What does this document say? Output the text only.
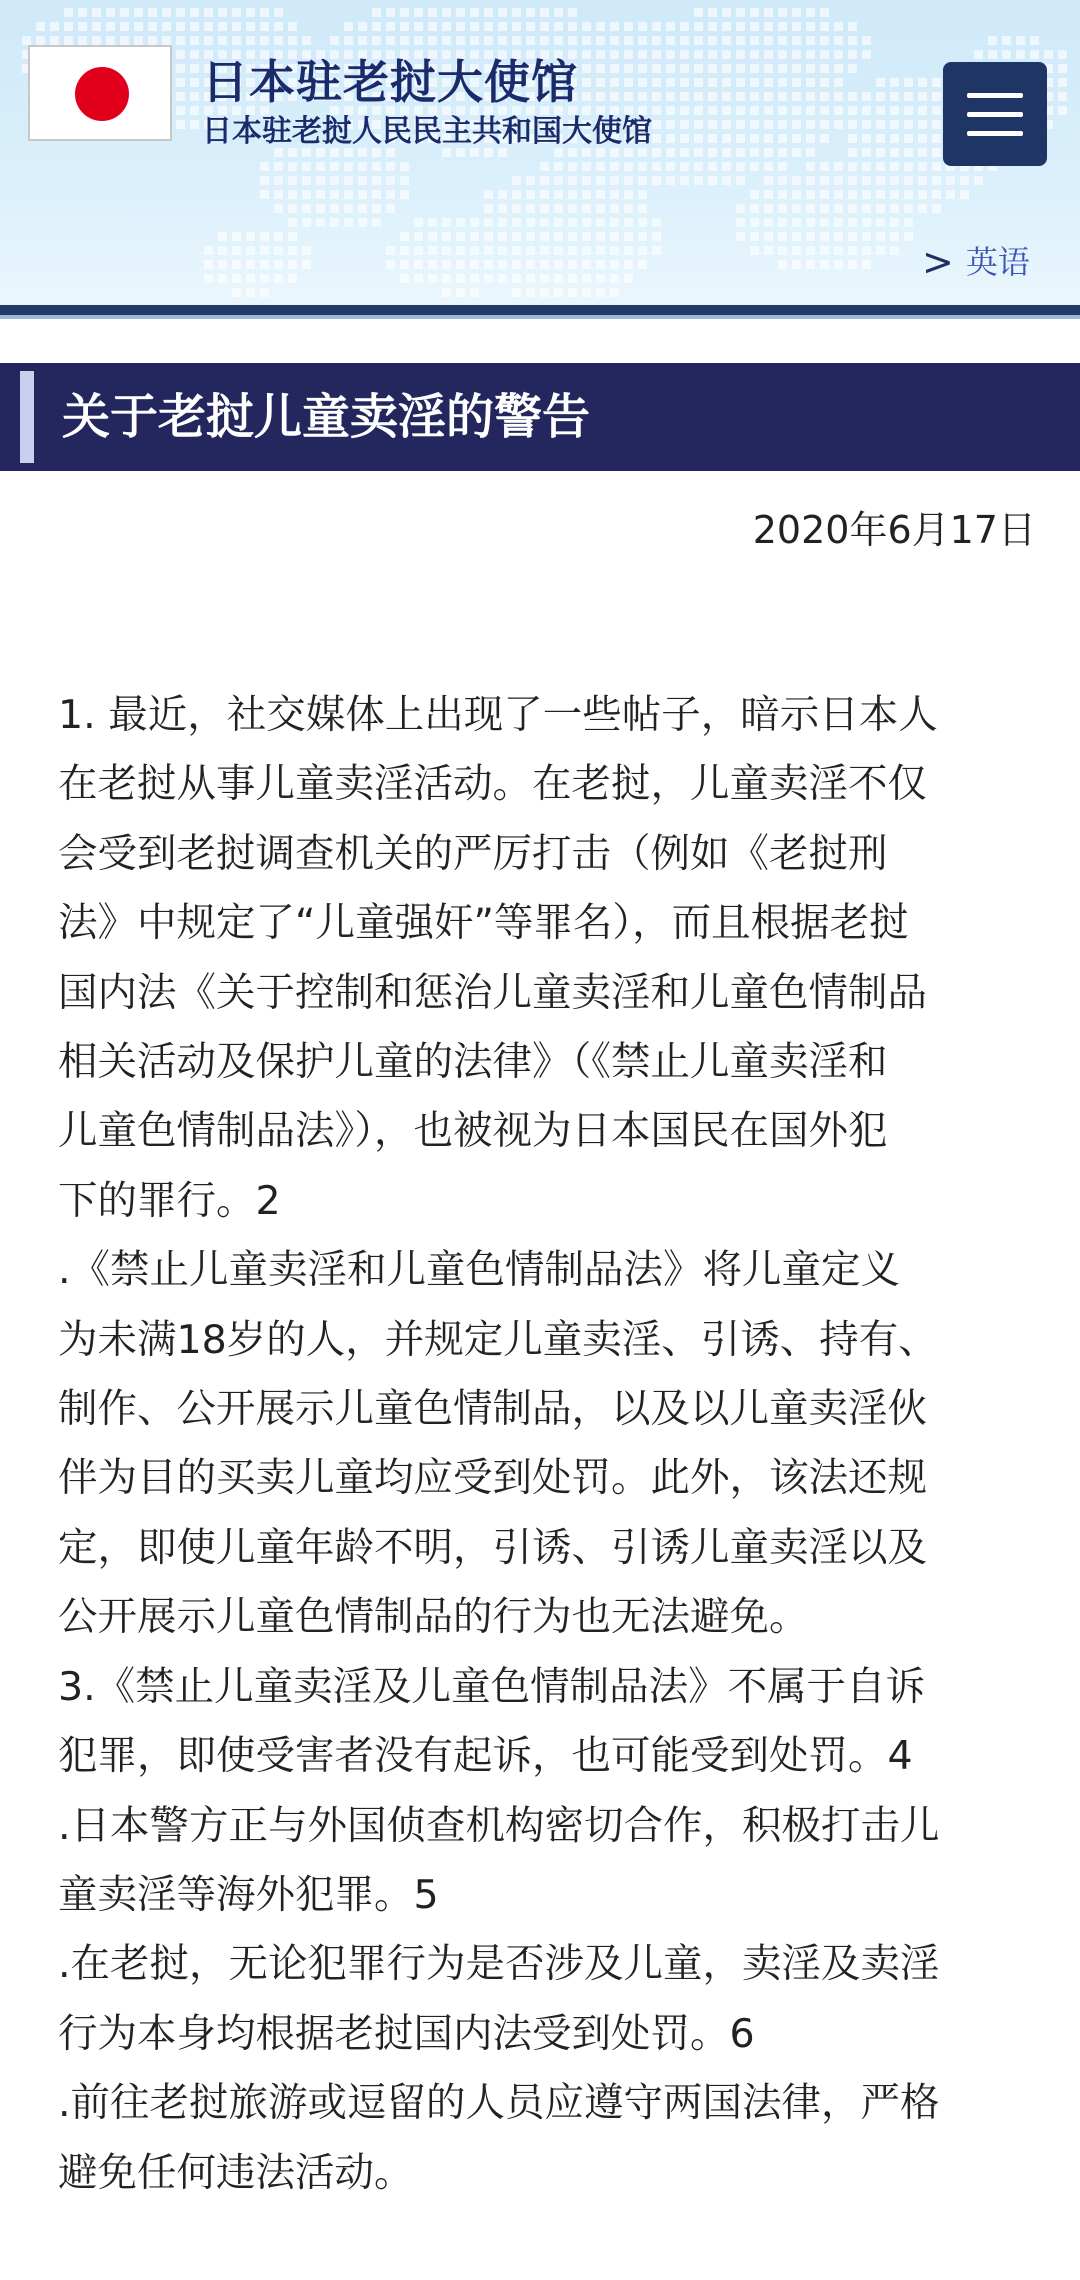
日本驻老挝大使馆
日本驻老挝人民民主共和国大使馆
> 英语
关于老挝儿童卖淫的警告
2020年6月17日

1. 最近，社交媒体上出现了一些帖子，暗示日本人

在老挝从事儿童卖淫活动。在老挝，儿童卖淫不仅

会受到老挝调查机关的严厉打击（例如《老挝刑

法》中规定了“儿童强奸”等罪名），而且根据老挝

国内法《关于控制和惩治儿童卖淫和儿童色情制品

相关活动及保护儿童的法律》（《禁止儿童卖淫和

儿童色情制品法》），也被视为日本国民在国外犯

下的罪行。2

.《禁止儿童卖淫和儿童色情制品法》将儿童定义

为未满18岁的人，并规定儿童卖淫、引诱、持有、

制作、公开展示儿童色情制品，以及以儿童卖淫伙

伴为目的买卖儿童均应受到处罚。此外，该法还规

定，即使儿童年龄不明，引诱、引诱儿童卖淫以及

公开展示儿童色情制品的行为也无法避免。

3.《禁止儿童卖淫及儿童色情制品法》不属于自诉

犯罪，即使受害者没有起诉，也可能受到处罚。4

.日本警方正与外国侦查机构密切合作，积极打击儿

童卖淫等海外犯罪。5

.在老挝，无论犯罪行为是否涉及儿童，卖淫及卖淫

行为本身均根据老挝国内法受到处罚。6

.前往老挝旅游或逗留的人员应遵守两国法律，严格

避免任何违法活动。
